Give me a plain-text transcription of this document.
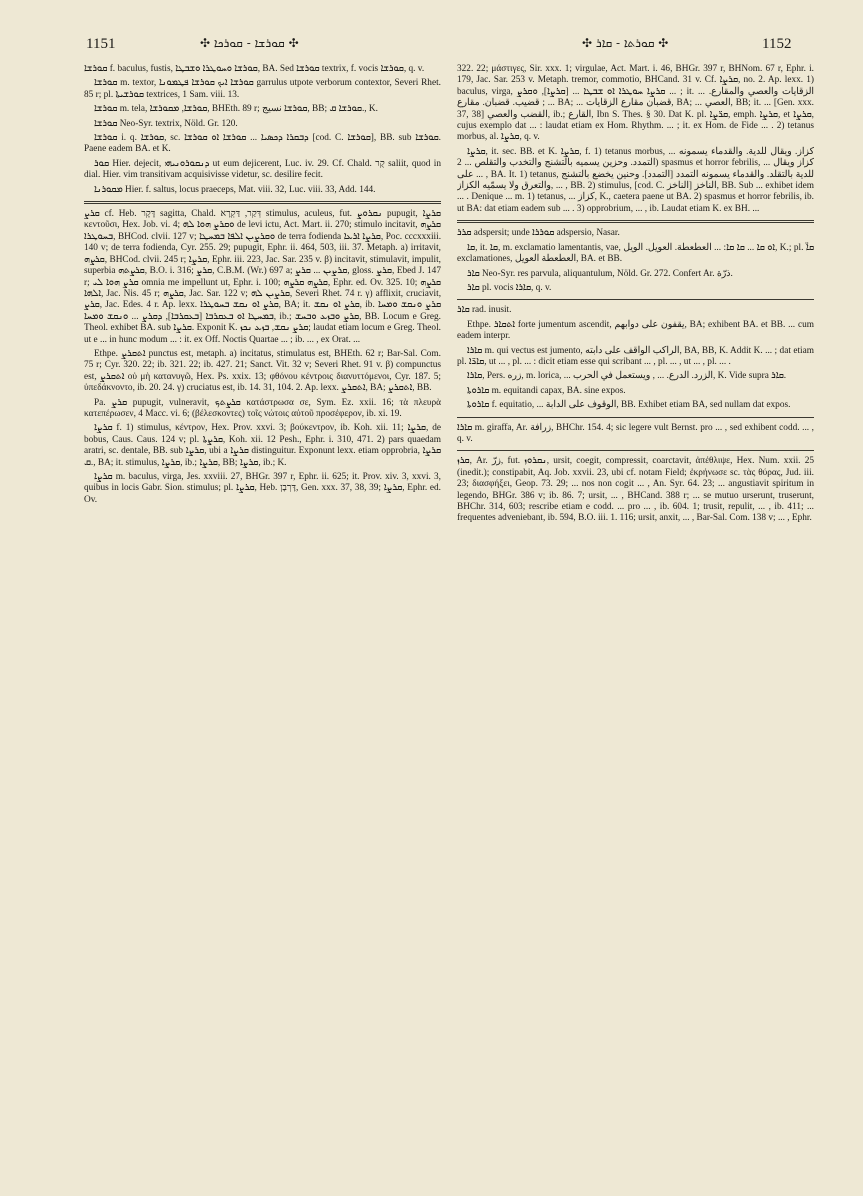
1151	✣ ܩܘܪܫܐ - ܩܘܪܟܐ ✣	✣ ܩܘܪܬܐ - ܩܐܪ ✣	1152

ܩܘܪܫܐ f. baculus, fustis, ܩܘܪܫܐ ܘܚܘܛܪܐ ܘܫܒܛܐ, BA. Sed ܩܘܪܫܐ textrix, f. vocis ܩܘܪܫܐ, q. v.

ܩܘܪܫܐ m. textor, ܩܘܪܫܐ ܐܝܟ ܩܘܪܫܐ ܦܛܡܘܢܐ garrulus utpote verborum contextor, Severi Rhet. 85 r; pl. ܩܘܪܫܝܬܐ textrices, 1 Sam. viii. 13.

ܩܘܪܫܐ m. tela, ܩܘܪܫܐ, ܡܩܘܪܫܐ, BHEth. 89 r; ܩܘܪܫܐ نسيج, BB; ܩܘܪܫܐ ܩ., K.

ܩܘܪܫܐ Neo-Syr. textrix, Nöld. Gr. 120.

ܩܘܪܫܐ i. q. ܩܘܪܫܐ, sc. ܕܒܩܪܐ ܕܟܣܝܐ ... ܩܘܪܫܐ ܐܘ ܩܘܪܫܐ [cod. C. ܩܘܪܫܐ], BB. sub ܩܘܪܫܐ. Paene eadem BA. et K.

ܩܘܪ Hier. dejecit, ܕܢܩܘܪܘܢܝܗܝ ut eum dejicerent, Luc. iv. 29. Cf. Chald. קֻר saliit, quod in dial. Hier. vim transitivam acquisivisse videtur, sc. desilire fecit.

ܡܩܘܪܢܐ Hier. f. saltus, locus praeceps, Mat. viii. 32, Luc. viii. 33, Add. 144.

ܩܪܨ cf. Heb. דֶּקֶר sagitta, Chald. דְּקַר, דַּקְרָא stimulus, aculeus, fut. ܢܩܪܘܨ pupugit, ܩܪܨܐ κεντοῦσι, Hex. Job. vi. 4; ܘܩܪܨ ܗܘܐ ܠܗ de levi ictu, Act. Mart. ii. 270; stimulo incitavit, ܩܪܨܗ ܒܚܘܛܪܐ, BHCod. clvii. 127 v; ܘܩܪܨܝܢ ܐܠܦܐ ܒܡܚܛܐ de terra fodienda ܩܪܨܐ ܐܪܥܐ, Poc. cccxxxiii. 140 v; de terra fodienda, Cyr. 255. 29; pupugit, Ephr. ii. 464, 503, iii. 37. Metaph. a) irritavit, ܩܪܨܗ, BHCod. clvii. 245 r; ܩܪܨܐ, Ephr. iii. 223, Jac. Sar. 235 v. β) incitavit, stimulavit, impulit, superbia ܩܪܨܬܗ, B.O. i. 316; ܩܪܨ, C.B.M. (Wr.) 697 a; ܩܪܨܝܢ ... ܩܪܨ, gloss. ܩܪܨ, Ebed J. 147 r; ܩܪܨ ܗܘܐ ܠܝ omnia me impellunt ut, Ephr. i. 100; ܩܪܨܗ ܩܪܨܗ, Ephr. ed. Ov. 325. 10; ܩܪܨܗ ܐܠܗܐ, Jac. Nis. 45 r; ܩܪܨܗ, Jac. Sar. 122 v; ܩܪܨܝܢ ܠܗ, Severi Rhet. 74 r. γ) afflixit, cruciavit, ܩܪܨ, Jac. Edes. 4 r. Ap. lexx. ܩܪܨ ܐܘ ܢܩܫ ܒܚܘܛܪܐ, BA; it. ܩܪܨ ܐܘ ܢܩܫ, ib. ܩܪܨ ܘܢܩܫ ܘܡܚܐ ܒܡܚܛܐ ܐܘ ܒܥܩܪܒܐ [ܒܥܩܪܒܐ], ܕܩܪܨ ... ܘܢܩܫ ܘܡܚܐ, ib.; ܩܪܨ ܘܒܙܥ ܘܒܚܫ, BB. Locum e Greg. Theol. exhibet BA. sub ܩܪܨܐ. Exponit K. ܩܪܨ ܢܩܫ, ܒܙܥ ܢܟܙ; laudat etiam locum e Greg. Theol. ut e ... in hunc modum ... : it. ex Off. Noctis Quartae ... ; ib. ... , ex Orat. ...

Ethpe. ܐܬܩܪܨ punctus est, metaph. a) incitatus, stimulatus est, BHEth. 62 r; Bar-Sal. Com. 75 r; Cyr. 320. 22; ib. 321. 22; ib. 427. 21; Sanct. Vit. 32 v; Severi Rhet. 91 v. β) compunctus est, ܐܬܩܪܨ οὐ μὴ κατανυγῶ, Hex. Ps. xxix. 13; φθόνου κέντροις διανυττόμενοι, Cyr. 187. 5; ὑπεδάκνοντο, ib. 20. 24. γ) cruciatus est, ib. 14. 31, 104. 2. Ap. lexx. ܐܬܩܪܨ, BA; ܐܬܩܪܨ, BB.

Pa. ܩܪܨ pupugit, vulneravit, ܩܪܨܬܟ κατάστρωσα σε, Sym. Ez. xxii. 16; τὰ πλευρὰ κατεπέρωσεν, 4 Macc. vi. 6; (βέλεσκοντες) τοῖς νώτοις αὐτοῦ προσέφερον, ib. xi. 19.

ܩܪܨܐ f. 1) stimulus, κέντρον, Hex. Prov. xxvi. 3; βούκεντρον, ib. Koh. xii. 11; ܩܪܨܐ, de bobus, Caus. Caus. 124 v; pl. ܩܪܨܬܐ, Koh. xii. 12 Pesh., Ephr. i. 310, 471. 2) pars quaedam aratri, sc. dentale, BB. sub ܩܪܨܐ, ubi a ܩܪܨܐ distinguitur. Exponunt lexx. etiam opprobria, ܩܪܨܐ ܩ., BA; it. stimulus, ܩܪܨܐ, ib.; ܩܪܨܐ, BB; ܩܪܨܐ, ib.; K.

ܩܪܨܐ m. baculus, virga, Jes. xxviii. 27, BHGr. 397 r, Ephr. ii. 625; it. Prov. xiv. 3, xxvi. 3, quibus in locis Gabr. Sion. stimulus; pl. ܩܪܨܐ, Heb. דָּרְבָן, Gen. xxx. 37, 38, 39; ܩܪܨܐ, Ephr. ed. Ov.

322. 22; μάστιγες, Sir. xxx. 1; virgulae, Act. Mart. i. 46, BHGr. 397 r, BHNom. 67 r, Ephr. i. 179, Jac. Sar. 253 v. Metaph. tremor, commotio, BHCand. 31 v. Cf. ܩܪܨܐ, no. 2. Ap. lexx. 1) baculus, virga, ܩܪܨܐ ܚܘܛܪܐ ܐܘ ܫܒܛܐ ... [ܩܪܨܐ], ܘܩܪܨ ... ; it. ... الزقايات والعصي والمقارع. قضيب. قضبان. مقارع ; ... BA; ... قضبان مقارع الزقايات, BA; ... العصي, BB; it. ... [Gen. xxx. 37, 38] القضب والعصي, ib.; القارع, Ibn S. Thes. § 30. Dat K. pl. ܩܪ̈ܨܐ, emph. ܩܪܨܐ, et ܩܪܨܐ, cujus exemplo dat ... : laudat etiam ex Hom. Rhythm. ... ; it. ex Hom. de Fide ... . 2) tetanus morbus, al. ܩܪܨܐ, q. v.

ܩܪܨܐ, it. sec. BB. et K. ܩܪܨܐ, f. 1) tetanus morbus, ... كزاز. ويقال للدية. والقدماء يسمونه التمدد. وحزين يسميه بالتشنج والتخدب والتقلص ... 2) spasmus et horror febrilis, ... كزاز ويقال على ... , BA. It. 1) tetanus, للدية بالتقلد. والقدماء يسمونه التمدد [التمدد]. وحنين يخضع بالتشنج والتعرق ولا يسمّيه الكزاز, ... , BB. 2) stimulus, [cod. C. الناخز] الناخز, BB. Sub ... exhibet idem ... . Denique ... m. 1) tetanus, ... كزاز, K., caetera paene ut BA. 2) spasmus et horror febrilis, ib. ut BA: dat etiam eadem sub ... . 3) opprobrium, ... , ib. Laudat etiam K. ex BH. ...

ܩܪܪ adspersit; unde ܩܘܪܪܐ adspersio, Nasar.

ܩܐ, it. ܩܐ, m. exclamatio lamentantis, vae, ܐܘ ܩܐ ... ܩܐ ܩܐ: ... العطعطة. العويل. الويل, K.; pl. ܩܐ̈ exclamationes, العطعطة العويل, BA. et BB.

ܩܐܪ Neo-Syr. res parvula, aliquantulum, Nöld. Gr. 272. Confert Ar. ذرّة.

ܩܐܪ pl. vocis ܩܐܪܐ, q. v.

ܩܐܪ rad. inusit.

Ethpe. ܐܬܩܐܪ forte jumentum ascendit, يقفون على دوابهم, BA; exhibent BA. et BB. ... cum eadem interpr.

ܩܐܪܐ m. qui vectus est jumento, الراكب الواقف على دابته, BA, BB, K. Addit K. ... ; dat etiam pl. ܩܐܪ̈ܐ, ut ... , pl. ... : dicit etiam esse qui scribant ... , pl. ... , ut ... , pl. ... .

ܩܐܪܐ, Pers. زره, m. lorica, ... الزرد. الدرع. ... , ويستعمل في الحرب, K. Vide supra ܩܐܪ.

ܩܐܪܘܬܐ m. equitandi capax, BA. sine expos.

ܩܐܪܘܬܐ f. equitatio, ... الوقوف على الدابة, BB. Exhibet etiam BA, sed nullam dat expos.

ܩܐܪܐ m. giraffa, Ar. زرافة, BHChr. 154. 4; sic legere vult Bernst. pro ... , sed exhibent codd. ... , q. v.

ܩܪܙ, Ar. زرّ, fut. ܢܩܪܘܙ, ursit, coegit, compressit, coarctavit, ἀπέθλιψε, Hex. Num. xxii. 25 (inedit.); constipabit, Aq. Job. xxvii. 23, ubi cf. notam Field; ἐκρήνωσε sc. τὰς θύρας, Jud. iii. 23; διασφήξει, Geop. 73. 29; ... nos non cogit ... , An. Syr. 64. 23; ... angustiavit spiritum in legendo, BHGr. 386 v; ib. 86. 7; ursit, ... , BHCand. 388 r; ... se mutuo urserunt, truserunt, BHChr. 314, 603; rescribe etiam e codd. ... pro ... , ib. 604. 1; trusit, repulit, ... , ib. 411; ... frequentes adveniebant, ib. 594, B.O. iii. 1. 116; ursit, anxit, ... , Bar-Sal. Com. 138 v; ... , Ephr.
